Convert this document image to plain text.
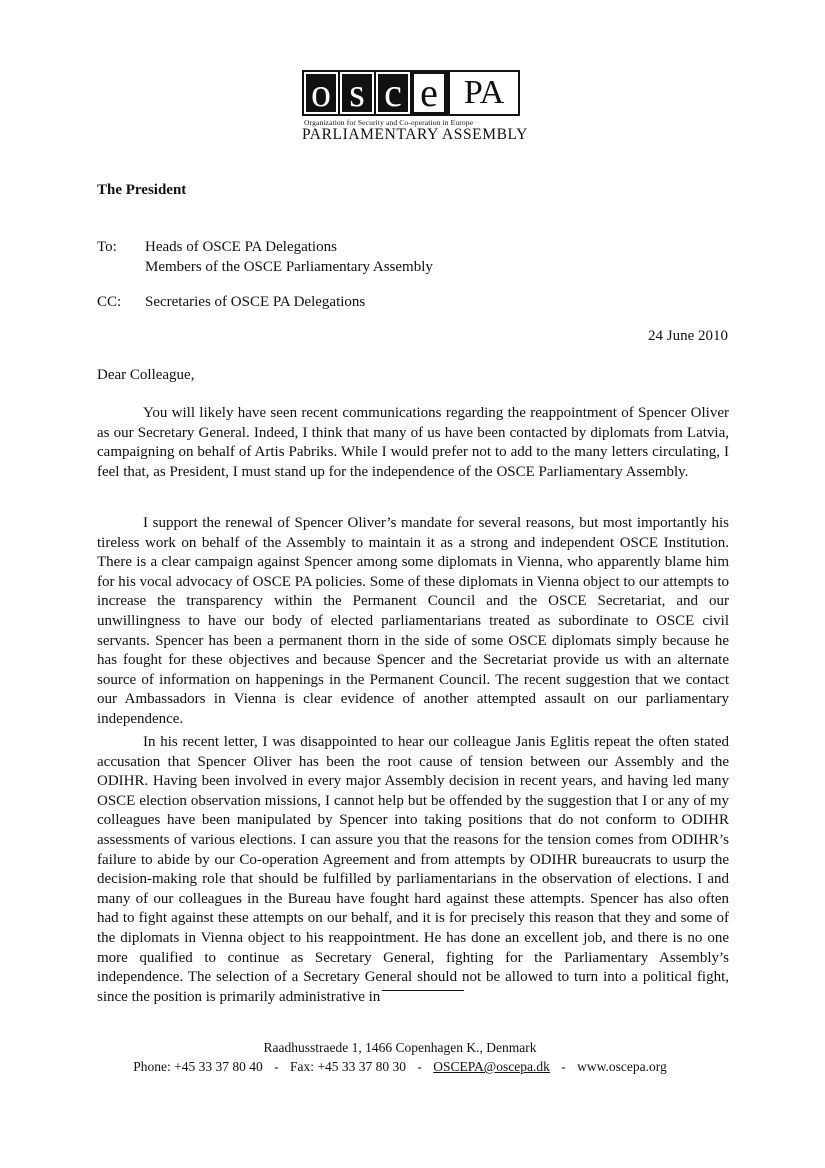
o s c e PA
Organization for Security and Co-operation in Europe
PARLIAMENTARY ASSEMBLY
The President
To:	Heads of OSCE PA Delegations
Members of the OSCE Parliamentary Assembly
CC:	Secretaries of OSCE PA Delegations
24 June 2010
Dear Colleague,
You will likely have seen recent communications regarding the reappointment of Spencer Oliver as our Secretary General. Indeed, I think that many of us have been contacted by diplomats from Latvia, campaigning on behalf of Artis Pabriks. While I would prefer not to add to the many letters circulating, I feel that, as President, I must stand up for the independence of the OSCE Parliamentary Assembly.
I support the renewal of Spencer Oliver’s mandate for several reasons, but most importantly his tireless work on behalf of the Assembly to maintain it as a strong and independent OSCE Institution. There is a clear campaign against Spencer among some diplomats in Vienna, who apparently blame him for his vocal advocacy of OSCE PA policies. Some of these diplomats in Vienna object to our attempts to increase the transparency within the Permanent Council and the OSCE Secretariat, and our unwillingness to have our body of elected parliamentarians treated as subordinate to OSCE civil servants. Spencer has been a permanent thorn in the side of some OSCE diplomats simply because he has fought for these objectives and because Spencer and the Secretariat provide us with an alternate source of information on happenings in the Permanent Council. The recent suggestion that we contact our Ambassadors in Vienna is clear evidence of another attempted assault on our parliamentary independence.
In his recent letter, I was disappointed to hear our colleague Janis Eglitis repeat the often stated accusation that Spencer Oliver has been the root cause of tension between our Assembly and the ODIHR. Having been involved in every major Assembly decision in recent years, and having led many OSCE election observation missions, I cannot help but be offended by the suggestion that I or any of my colleagues have been manipulated by Spencer into taking positions that do not conform to ODIHR assessments of various elections. I can assure you that the reasons for the tension comes from ODIHR’s failure to abide by our Co-operation Agreement and from attempts by ODIHR bureaucrats to usurp the decision-making role that should be fulfilled by parliamentarians in the observation of elections. I and many of our colleagues in the Bureau have fought hard against these attempts. Spencer has also often had to fight against these attempts on our behalf, and it is for precisely this reason that they and some of the diplomats in Vienna object to his reappointment. He has done an excellent job, and there is no one more qualified to continue as Secretary General, fighting for the Parliamentary Assembly’s independence. The selection of a Secretary General should not be allowed to turn into a political fight, since the position is primarily administrative in
Raadhusstraede 1, 1466 Copenhagen K., Denmark
Phone: +45 33 37 80 40 - Fax: +45 33 37 80 30 - OSCEPA@oscepa.dk - www.oscepa.org
